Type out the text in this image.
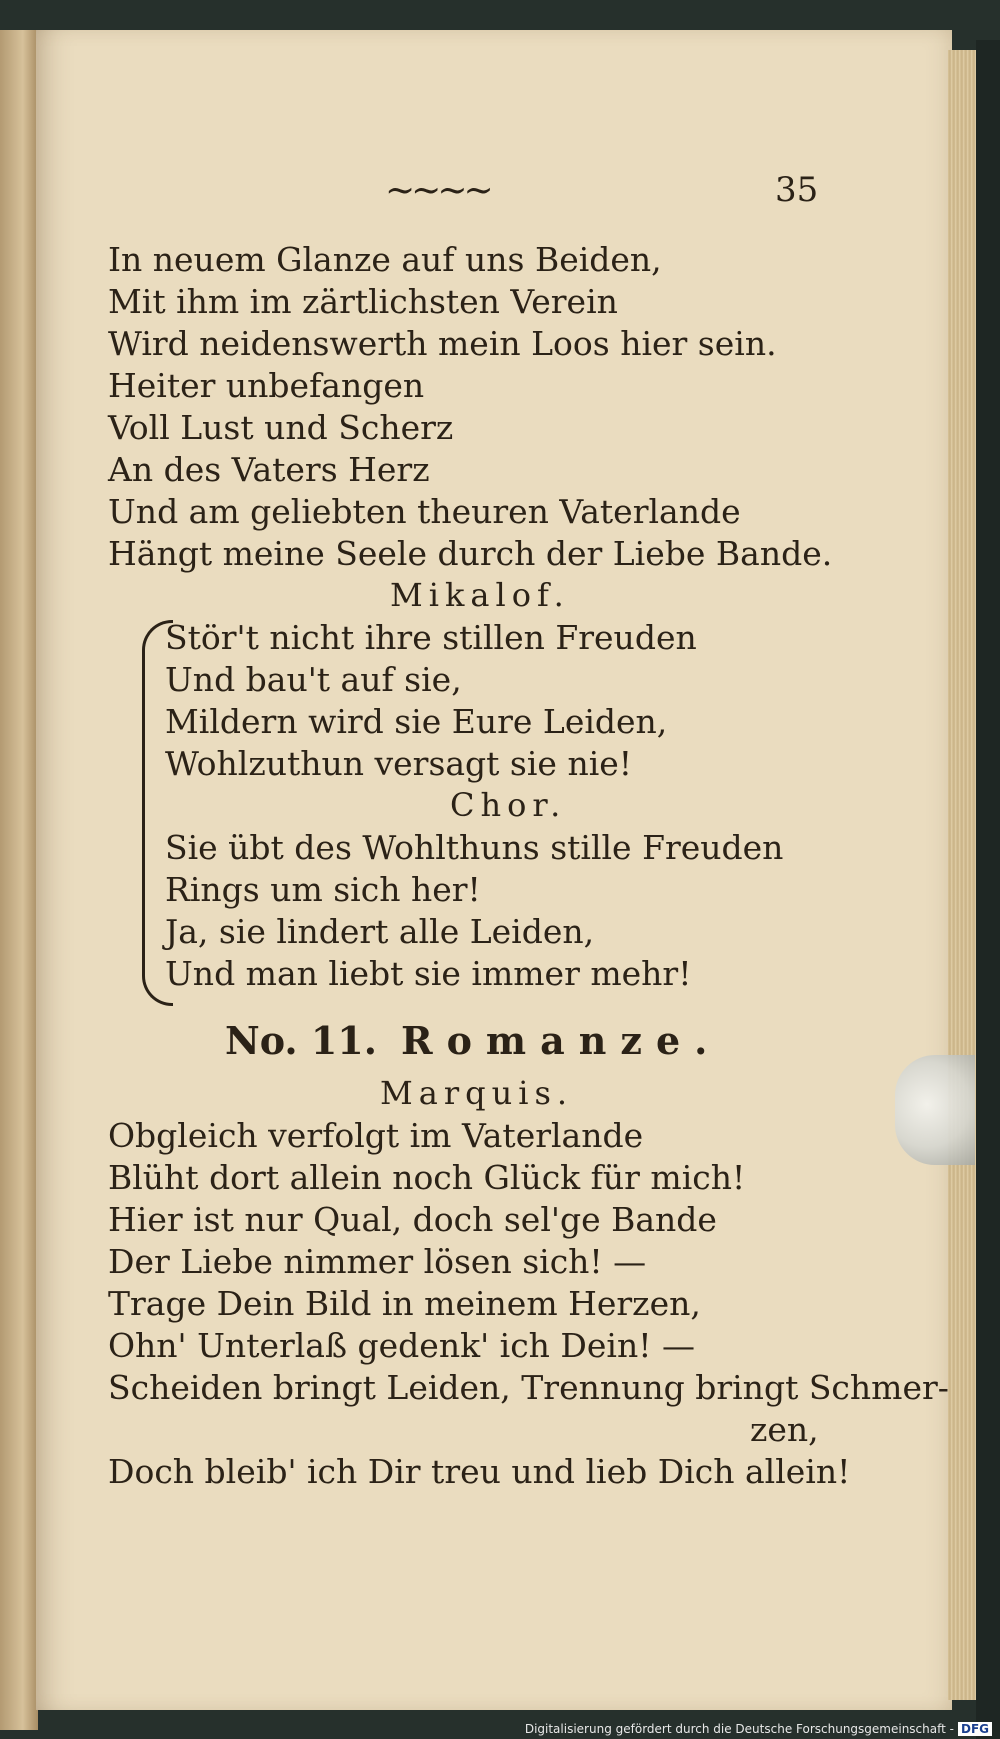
~~~~	35
In neuem Glanze auf uns Beiden,
Mit ihm im zärtlichsten Verein
Wird neidenswerth mein Loos hier sein.
Heiter unbefangen
Voll Lust und Scherz
An des Vaters Herz
Und am geliebten theuren Vaterlande
Hängt meine Seele durch der Liebe Bande.
Mikalof.
Stör't nicht ihre stillen Freuden
Und bau't auf sie,
Mildern wird sie Eure Leiden,
Wohlzuthun versagt sie nie!
Chor.
Sie übt des Wohlthuns stille Freuden
Rings um sich her!
Ja, sie lindert alle Leiden,
Und man liebt sie immer mehr!
No. 11. Romanze.
Marquis.
Obgleich verfolgt im Vaterlande
Blüht dort allein noch Glück für mich!
Hier ist nur Qual, doch sel'ge Bande
Der Liebe nimmer lösen sich! —
Trage Dein Bild in meinem Herzen,
Ohn' Unterlaß gedenk' ich Dein! —
Scheiden bringt Leiden, Trennung bringt Schmer-
zen,
Doch bleib' ich Dir treu und lieb Dich allein!
Digitalisierung gefördert durch die Deutsche Forschungsgemeinschaft - DFG
